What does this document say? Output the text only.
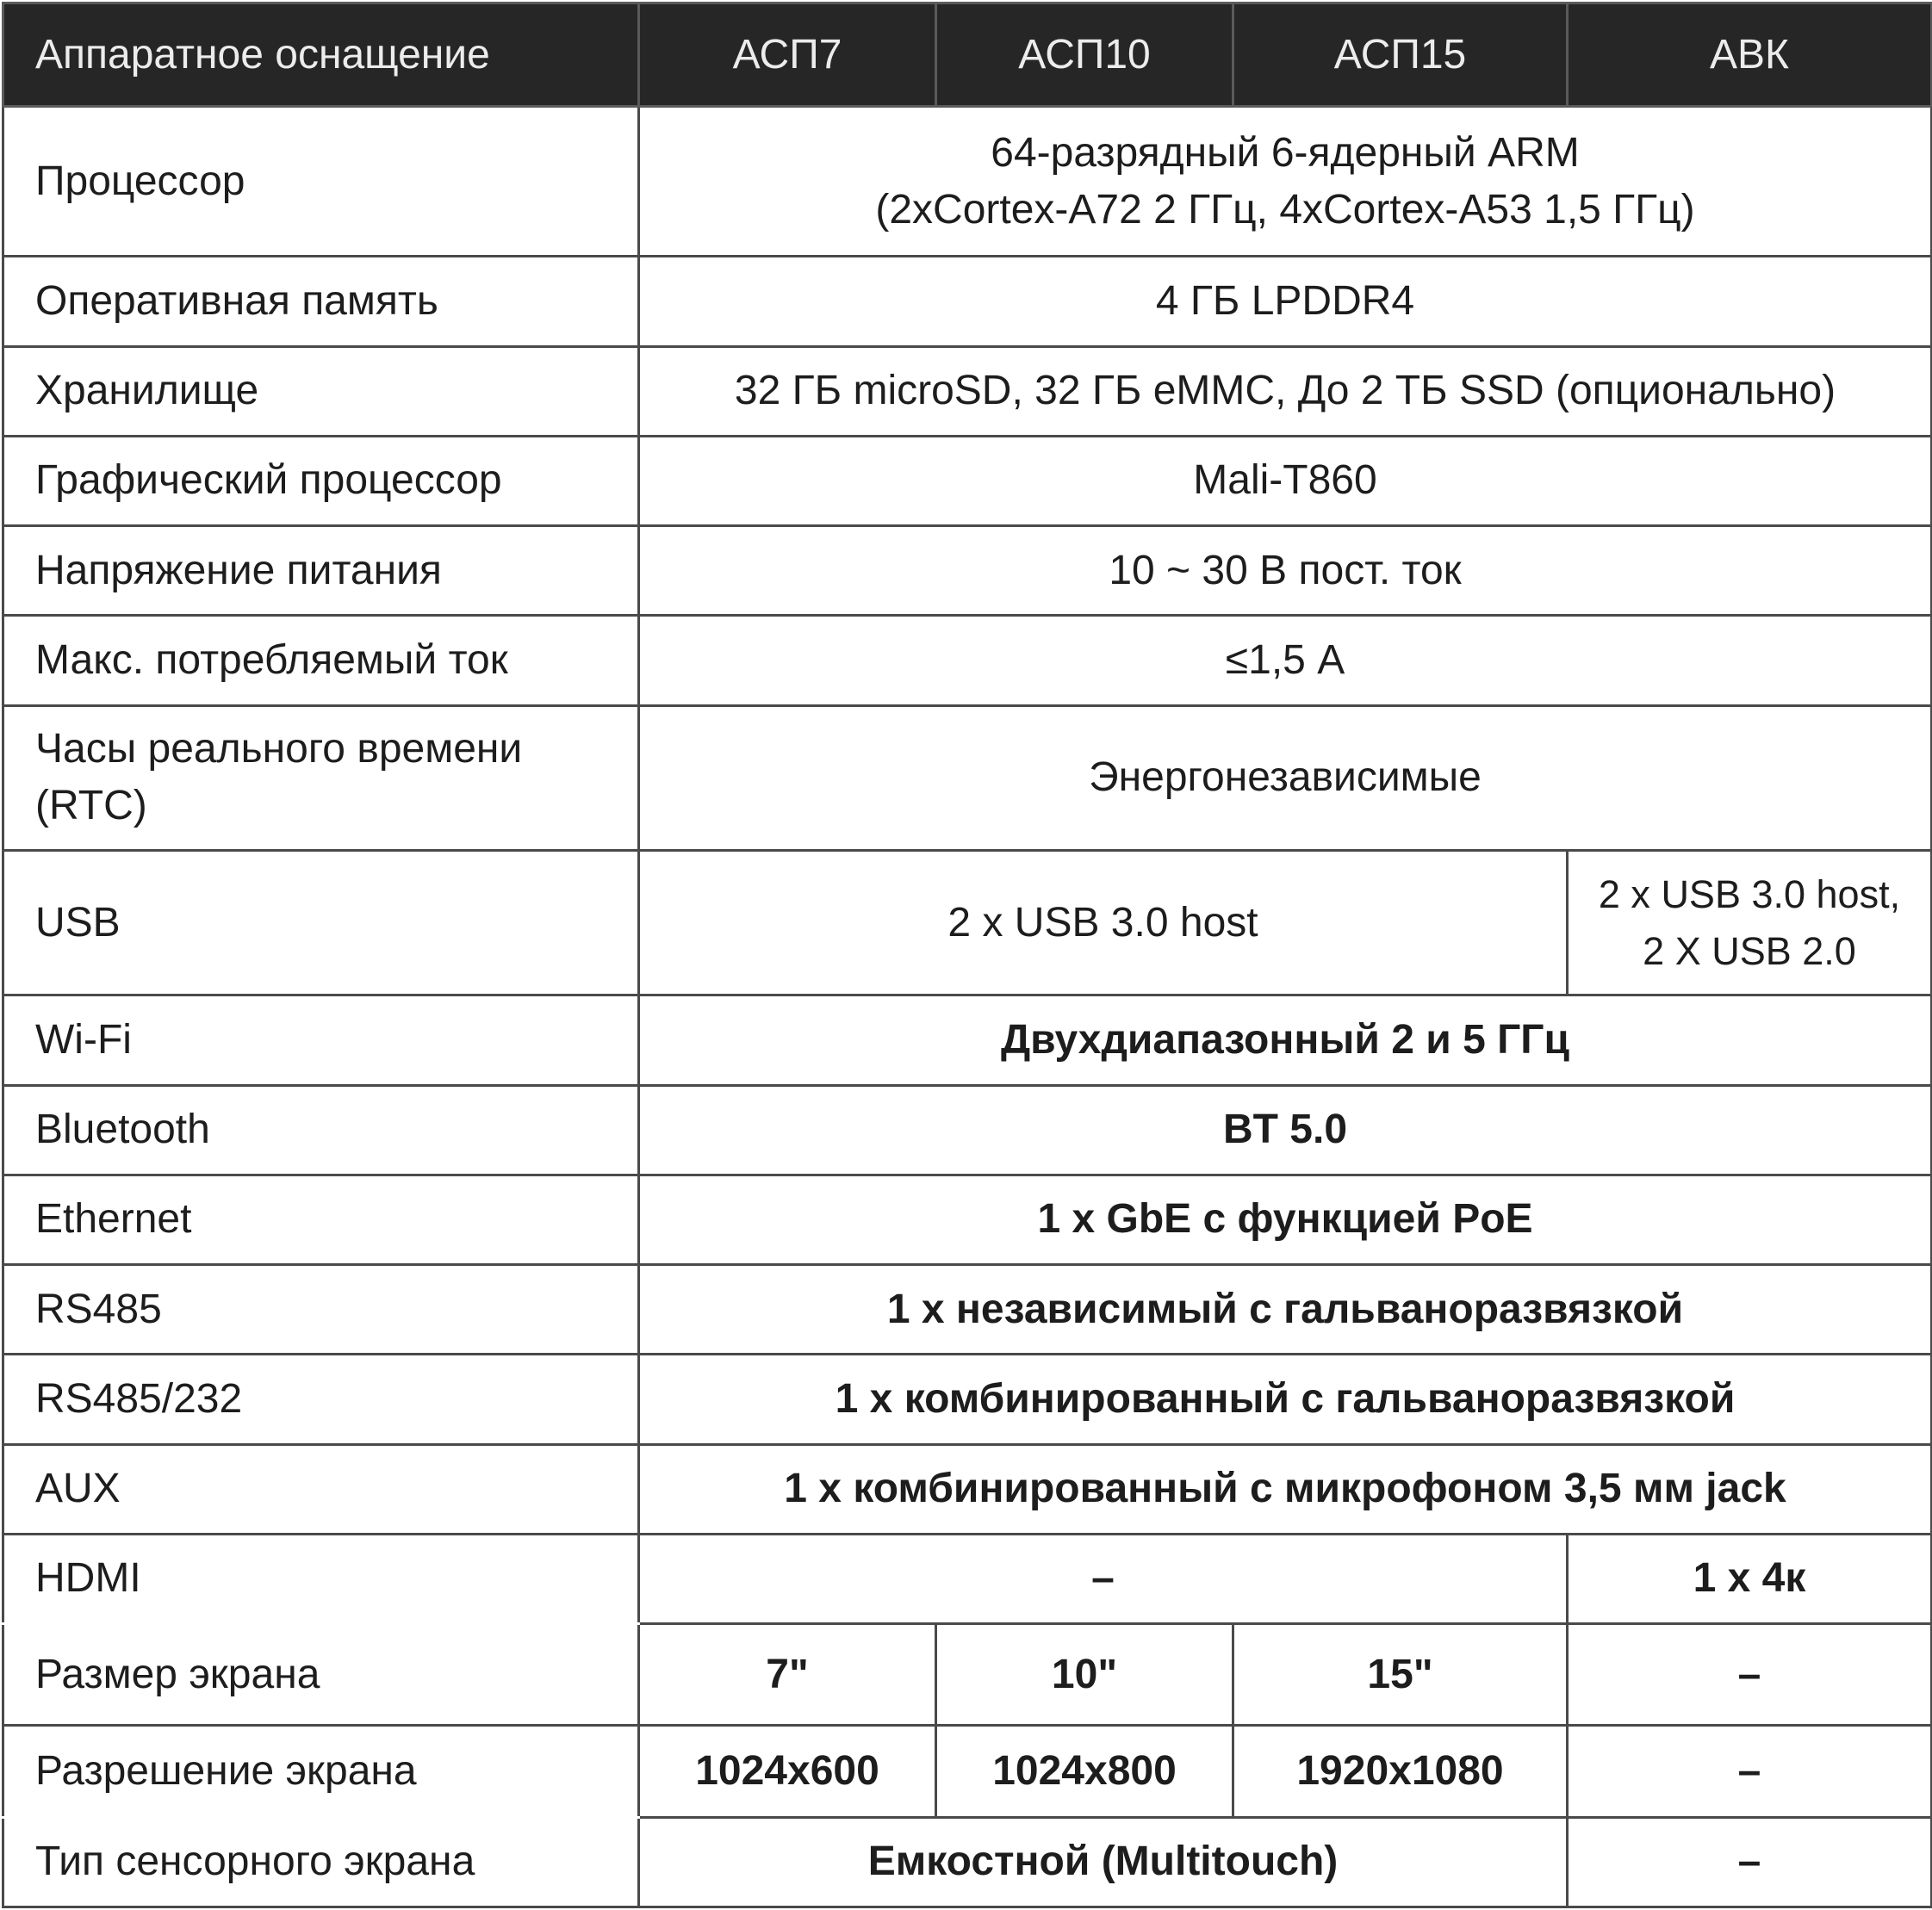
Аппаратное оснащение	АСП7	АСП10	АСП15	АВК
Процессор	64-разрядный 6-ядерный ARM
(2xCortex-A72 2 ГГц, 4xCortex-A53 1,5 ГГц)			

Оперативная память	4 ГБ LPDDR4			
Хранилище	32 ГБ microSD, 32 ГБ eMMC, До 2 ТБ SSD (опционально)			
Графический процессор	Mali-T860			
Напряжение питания	10 ~ 30 В пост. ток			
Макс. потребляемый ток	≤1,5 А			

Часы реального времени
(RTC)	Энергонезависимые			
USB	2 x USB 3.0 host			2 x USB 3.0 host,
2 X USB 2.0

Wi-Fi	Двухдиапазонный 2 и 5 ГГц			
Bluetooth	BT 5.0			
Ethernet	1 x GbE с функцией PoE			
RS485	1 x независимый с гальваноразвязкой			
RS485/232	1 x комбинированный с гальваноразвязкой			
AUX	1 x комбинированный с микрофоном 3,5 мм jack			
HDMI	–			1 x 4к
Размер экрана	7"	10"	15"	–
Разрешение экрана	1024x600	1024x800	1920x1080	–
Тип сенсорного экрана	Емкостной (Multitouch)			–
